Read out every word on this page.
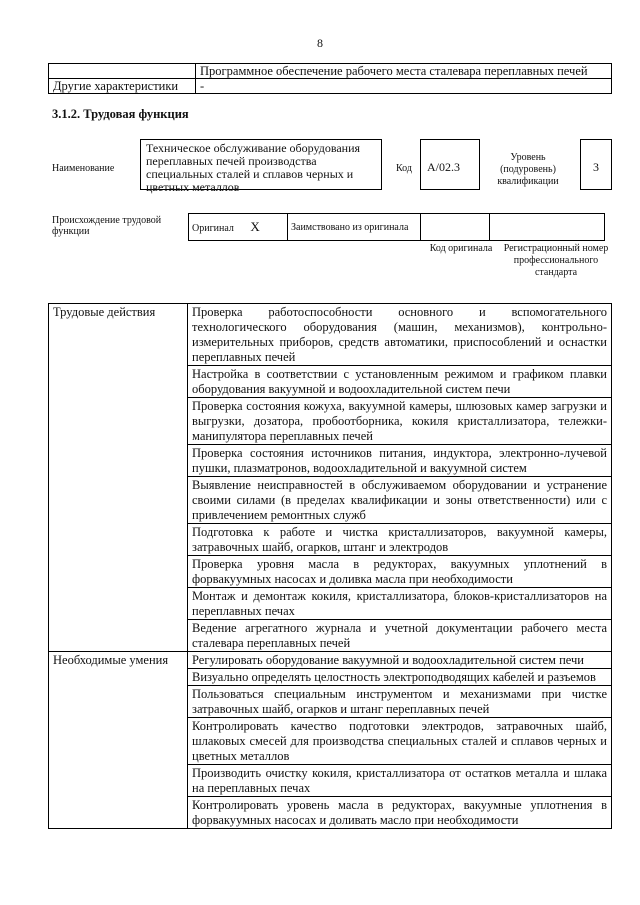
8
	Программное обеспечение рабочего места сталевара переплавных печей
Другие характеристики	-
3.1.2. Трудовая функция
Наименование
Техническое обслуживание оборудования переплавных печей производства специальных сталей и сплавов черных и цветных металлов
Код	А/02.3
Уровень (подуровень) квалификации
3
Происхождение трудовой функции	Оригинал X	Заимствовано из оригинала		
Код оригинала Регистрационный номер профессионального стандарта
Трудовые действия	Проверка работоспособности основного и вспомогательного технологического оборудования (машин, механизмов), контрольно-измерительных приборов, средств автоматики, приспособлений и оснастки переплавных печей
	Настройка в соответствии с установленным режимом и графиком плавки оборудования вакуумной и водоохладительной систем печи
	Проверка состояния кожуха, вакуумной камеры, шлюзовых камер загрузки и выгрузки, дозатора, пробоотборника, кокиля кристаллизатора, тележки-манипулятора переплавных печей
	Проверка состояния источников питания, индуктора, электронно-лучевой пушки, плазматронов, водоохладительной и вакуумной систем
	Выявление неисправностей в обслуживаемом оборудовании и устранение своими силами (в пределах квалификации и зоны ответственности) или с привлечением ремонтных служб
	Подготовка к работе и чистка кристаллизаторов, вакуумной камеры, затравочных шайб, огарков, штанг и электродов
	Проверка уровня масла в редукторах, вакуумных уплотнений в форвакуумных насосах и доливка масла при необходимости
	Монтаж и демонтаж кокиля, кристаллизатора, блоков-кристаллизаторов на переплавных печах
	Ведение агрегатного журнала и учетной документации рабочего места сталевара переплавных печей
Необходимые умения	Регулировать оборудование вакуумной и водоохладительной систем печи
	Визуально определять целостность электроподводящих кабелей и разъемов
	Пользоваться специальным инструментом и механизмами при чистке затравочных шайб, огарков и штанг переплавных печей
	Контролировать качество подготовки электродов, затравочных шайб, шлаковых смесей для производства специальных сталей и сплавов черных и цветных металлов
	Производить очистку кокиля, кристаллизатора от остатков металла и шлака на переплавных печах
	Контролировать уровень масла в редукторах, вакуумные уплотнения в форвакуумных насосах и доливать масло при необходимости
